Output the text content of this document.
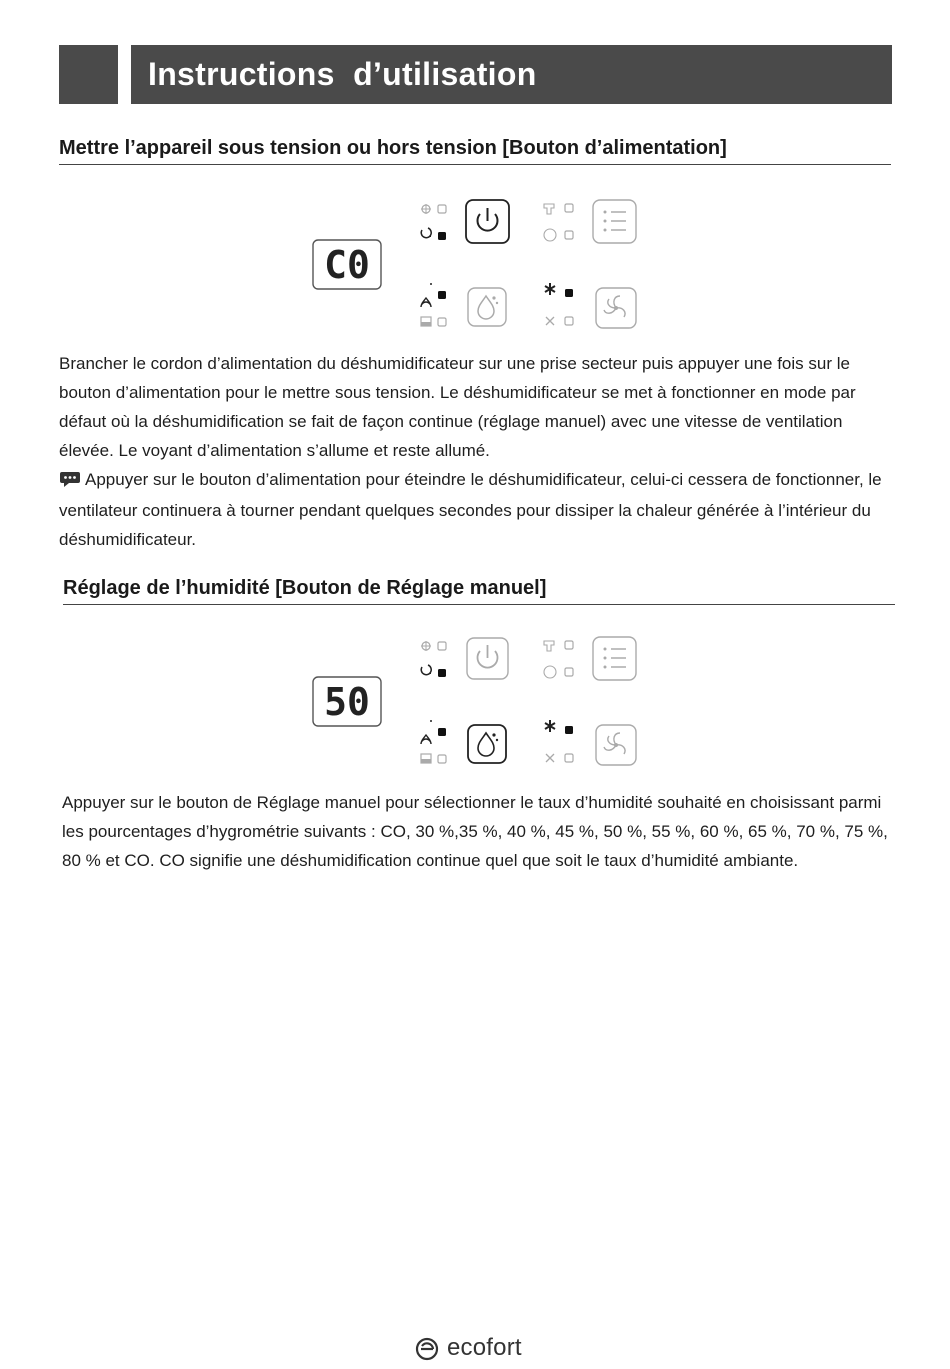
Instructions  d’utilisation
Mettre l’appareil sous tension ou hors tension [Bouton d’alimentation]
C0

Brancher le cordon d’alimentation du déshumidificateur sur une prise secteur puis appuyer une fois sur le bouton d’alimentation pour le mettre sous tension. Le déshumidificateur se met à fonctionner en mode par défaut où la déshumidification se fait de façon continue (réglage manuel) avec une vitesse de ventilation élevée. Le voyant d’alimentation s’allume et reste allumé.

Appuyer sur le bouton d’alimentation pour éteindre le déshumidificateur, celui-ci cessera de fonctionner, le ventilateur continuera à tourner pendant quelques secondes pour dissiper la chaleur générée à l’intérieur du déshumidificateur.

Réglage de l’humidité [Bouton de Réglage manuel]
50

Appuyer sur le bouton de Réglage manuel pour sélectionner le taux d’humidité souhaité en choisissant parmi les pourcentages d’hygrométrie suivants : CO, 30 %,35 %, 40 %, 45 %, 50 %, 55 %, 60 %, 65 %, 70 %, 75 %, 80 % et CO. CO signifie une déshumidification continue quel que soit le taux d’humidité ambiante.

ecofort
